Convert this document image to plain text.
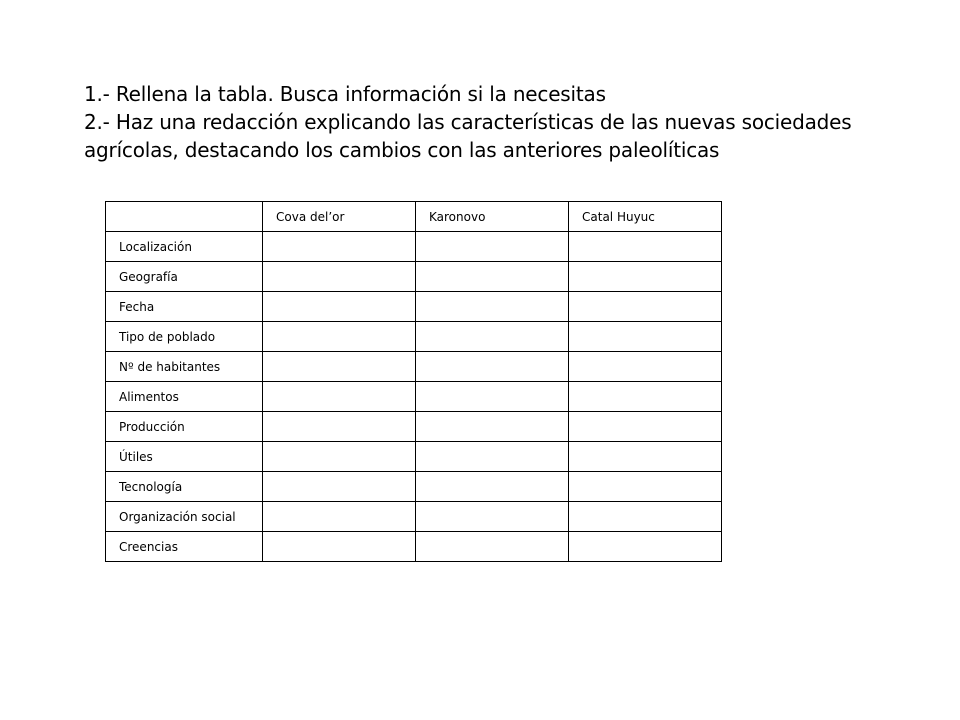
1.- Rellena la tabla. Busca información si la necesitas

2.- Haz una redacción explicando las características de las nuevas sociedades

agrícolas, destacando los cambios con las anteriores paleolíticas

	Cova del’or	Karonovo	Catal Huyuc
Localización			
Geografía			
Fecha			
Tipo de poblado			
Nº de habitantes			
Alimentos			
Producción			
Útiles			
Tecnología			
Organización social			
Creencias			
